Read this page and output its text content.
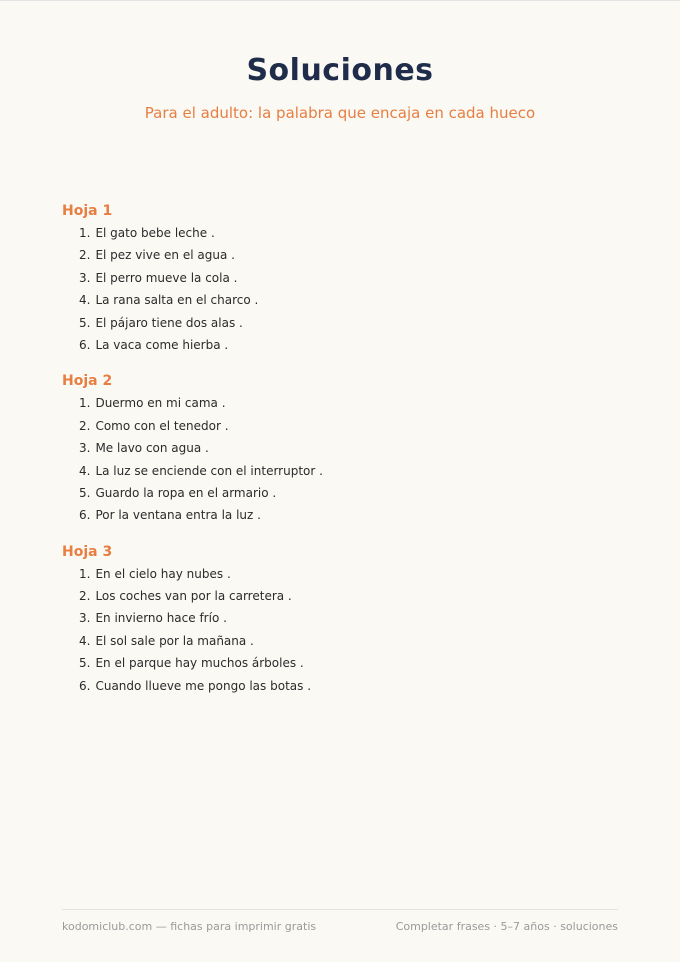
Soluciones
Para el adulto: la palabra que encaja en cada hueco
Hoja 1
1. El gato bebe leche .
2. El pez vive en el agua .
3. El perro mueve la cola .
4. La rana salta en el charco .
5. El pájaro tiene dos alas .
6. La vaca come hierba .
Hoja 2
1. Duermo en mi cama .
2. Como con el tenedor .
3. Me lavo con agua .
4. La luz se enciende con el interruptor .
5. Guardo la ropa en el armario .
6. Por la ventana entra la luz .
Hoja 3
1. En el cielo hay nubes .
2. Los coches van por la carretera .
3. En invierno hace frío .
4. El sol sale por la mañana .
5. En el parque hay muchos árboles .
6. Cuando llueve me pongo las botas .
kodomiclub.com — fichas para imprimir gratis	Completar frases · 5–7 años · soluciones
